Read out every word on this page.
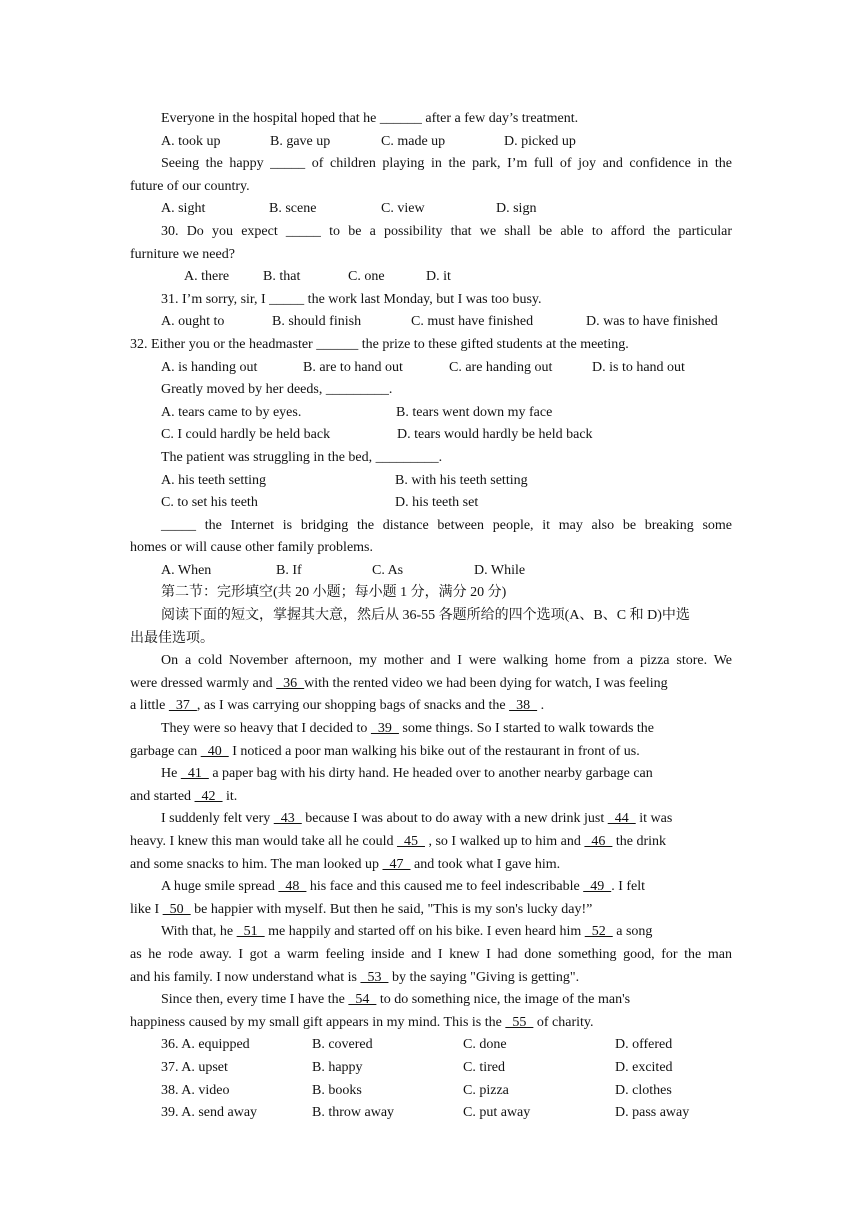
Everyone in the hospital hoped that he ______ after a few day’s treatment.
A. took up	B. gave up	C. made up	D. picked up
Seeing the happy _____ of children playing in the park, I’m full of joy and confidence in the
future of our country.
A. sight	B. scene	C. view	D. sign
30. Do you expect _____ to be a possibility that we shall be able to afford the particular
furniture we need?
A. there B. that	C. one	D. it
31. I’m sorry, sir, I _____ the work last Monday, but I was too busy.
A. ought to	B. should finish	C. must have finished	D. was to have finished
32. Either you or the headmaster ______ the prize to these gifted students at the meeting.
A. is handing out	B. are to hand out	C. are handing out	D. is to hand out
Greatly moved by her deeds, _________.
A. tears came to by eyes.	B. tears went down my face
C. I could hardly be held back	D. tears would hardly be held back
The patient was struggling in the bed, _________.
A. his teeth setting	B. with his teeth setting
C. to set his teeth	D. his teeth set
_____ the Internet is bridging the distance between people, it may also be breaking some
homes or will cause other family problems.
A. When	B. If	C. As	D. While
第二节：完形填空(共 20 小题；每小题 1 分，满分 20 分)
阅读下面的短文，掌握其大意，然后从 36-55 各题所给的四个选项(A、B、C 和 D)中选
出最佳选项。
On a cold November afternoon, my mother and I were walking home from a pizza store. We
were dressed warmly and   36  with the rented video we had been dying for watch, I was feeling
a little   37  , as I was carrying our shopping bags of snacks and the   38   .
They were so heavy that I decided to   39   some things. So I started to walk towards the
garbage can   40   I noticed a poor man walking his bike out of the restaurant in front of us.
He   41   a paper bag with his dirty hand. He headed over to another nearby garbage can
and started   42   it.
I suddenly felt very   43   because I was about to do away with a new drink just   44   it was
heavy. I knew this man would take all he could   45   , so I walked up to him and   46   the drink
and some snacks to him. The man looked up   47   and took what I gave him.
A huge smile spread   48   his face and this caused me to feel indescribable   49  . I felt
like I   50   be happier with myself. But then he said, "This is my son's lucky day!”
With that, he   51   me happily and started off on his bike. I even heard him   52   a song
as he rode away. I got a warm feeling inside and I knew I had done something good, for the man
and his family. I now understand what is   53   by the saying "Giving is getting".
Since then, every time I have the   54   to do something nice, the image of the man's
happiness caused by my small gift appears in my mind. This is the   55   of charity.
36. A. equipped	B. covered	C. done	D. offered
37. A. upset	B. happy	C. tired	D. excited
38. A. video	B. books	C. pizza	D. clothes
39. A. send away	B. throw away	C. put away	D. pass away
